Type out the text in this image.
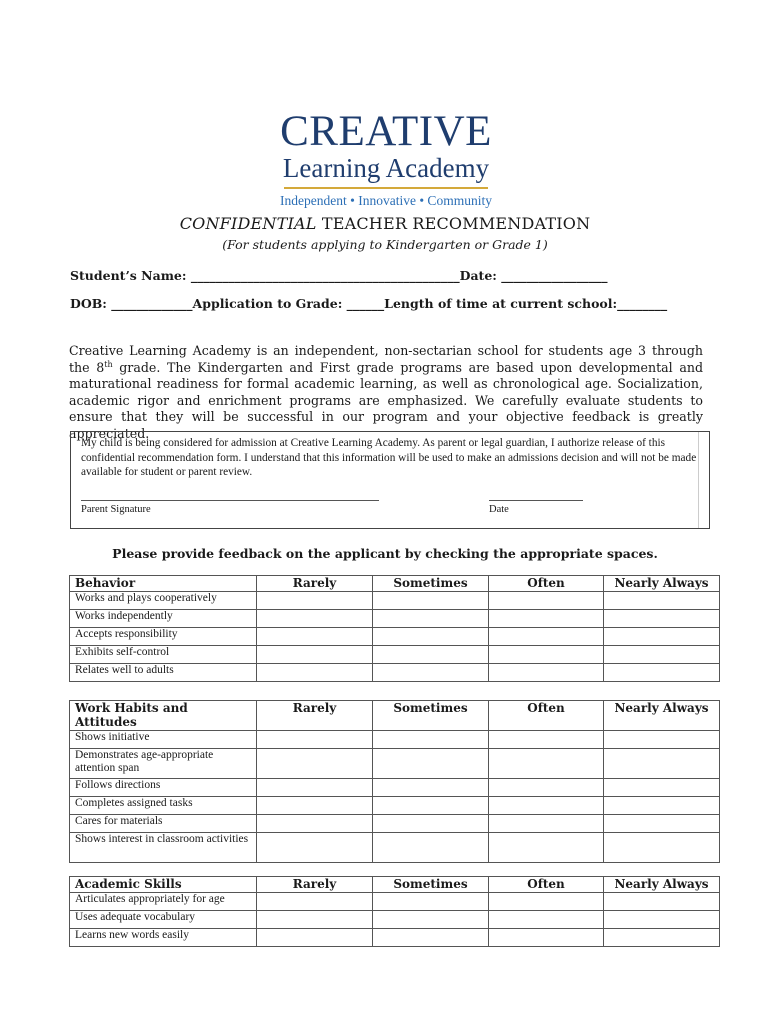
CREATIVE
Learning Academy
Independent • Innovative • Community
CONFIDENTIAL TEACHER RECOMMENDATION
(For students applying to Kindergarten or Grade 1)
Student’s Name: ___________________________________________Date: _________________
DOB: _____________Application to Grade: ______Length of time at current school:________
Creative Learning Academy is an independent, non-sectarian school for students age 3 through the 8th grade. The Kindergarten and First grade programs are based upon developmental and maturational readiness for formal academic learning, as well as chronological age. Socialization, academic rigor and enrichment programs are emphasized. We carefully evaluate students to ensure that they will be successful in our program and your objective feedback is greatly appreciated.
My child is being considered for admission at Creative Learning Academy. As parent or legal guardian, I authorize release of this confidential recommendation form. I understand that this information will be used to make an admissions decision and will not be made available for student or parent review.
Parent Signature	Date
Please provide feedback on the applicant by checking the appropriate spaces.
Behavior	Rarely	Sometimes	Often	Nearly Always
Works and plays cooperatively				
Works independently				
Accepts responsibility				
Exhibits self-control				
Relates well to adults				
Work Habits and Attitudes	Rarely	Sometimes	Often	Nearly Always
Shows initiative				
Demonstrates age-appropriate attention span				
Follows directions				
Completes assigned tasks				
Cares for materials				
Shows interest in classroom activities				
Academic Skills	Rarely	Sometimes	Often	Nearly Always
Articulates appropriately for age				
Uses adequate vocabulary				
Learns new words easily				
